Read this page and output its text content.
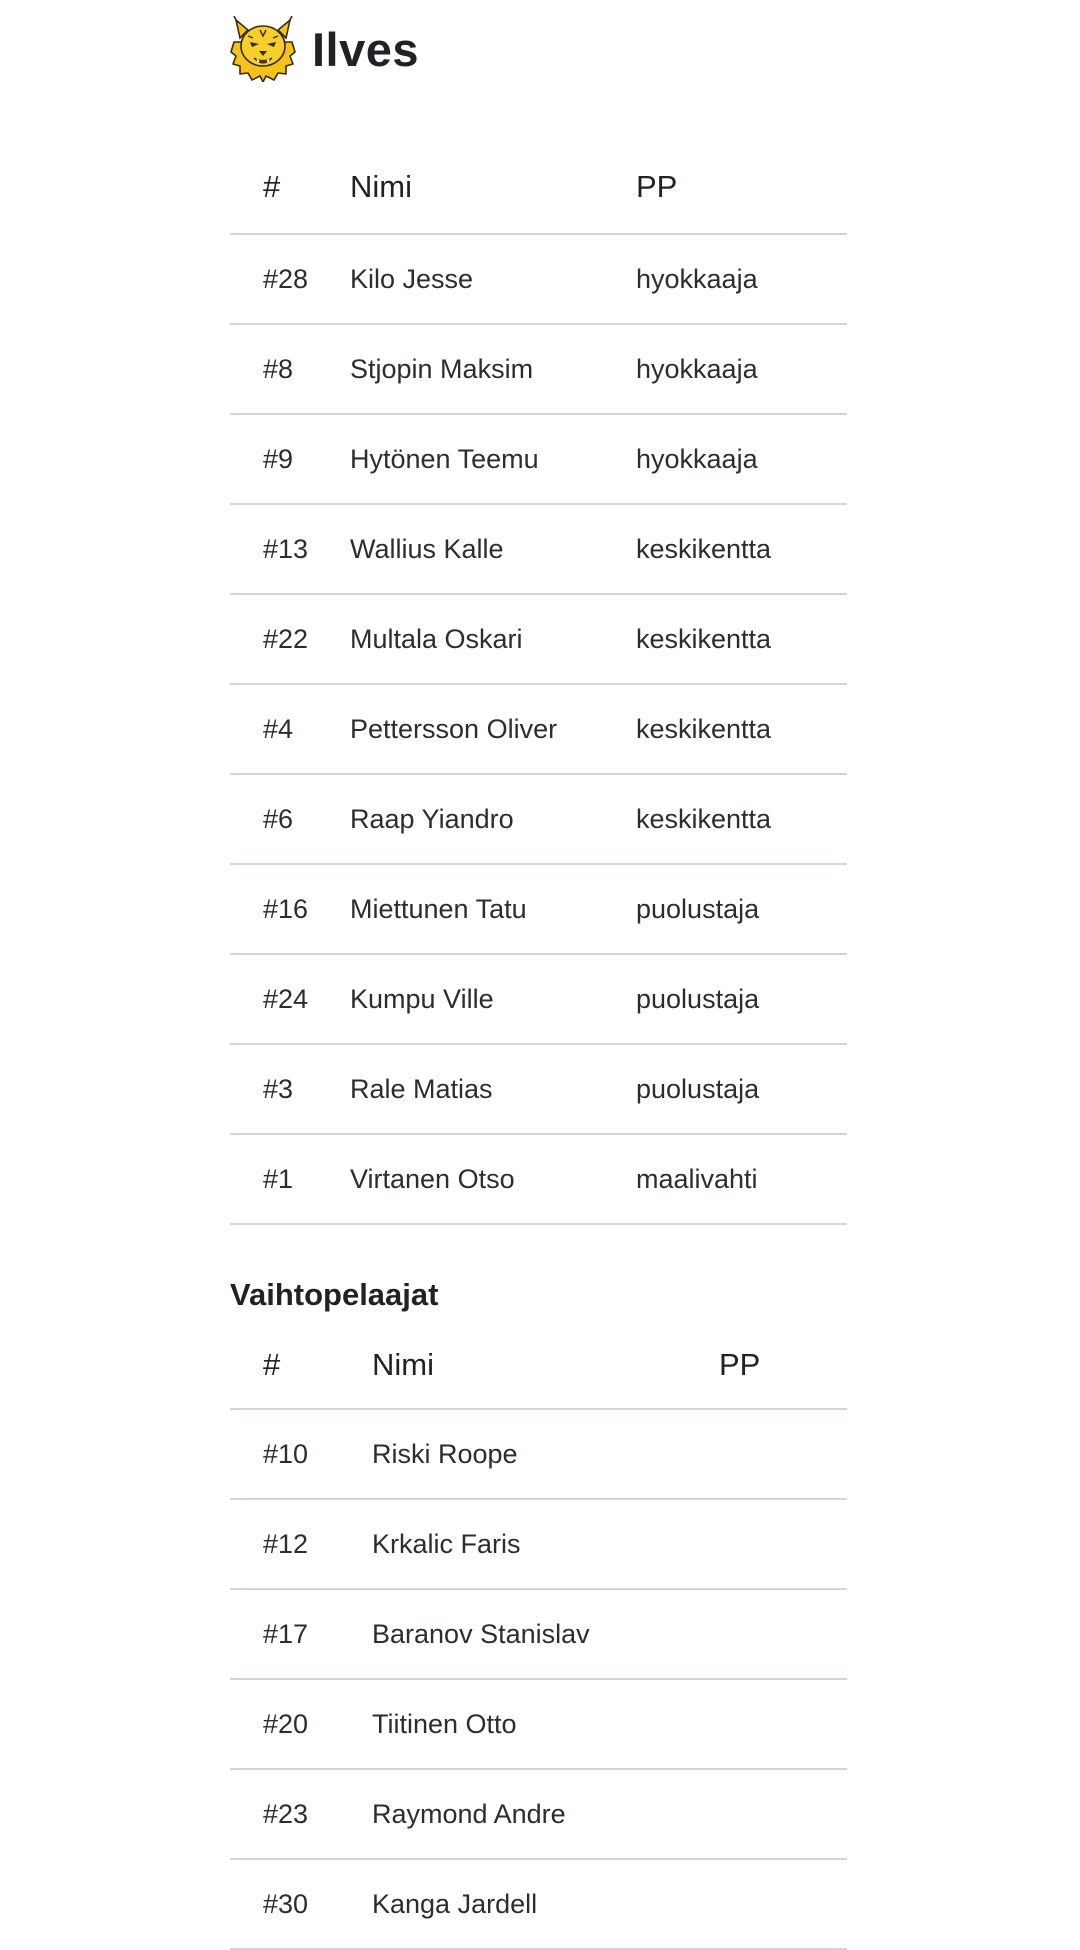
Ilves
#	Nimi	PP
#28	Kilo Jesse	hyokkaaja
#8	Stjopin Maksim	hyokkaaja
#9	Hytönen Teemu	hyokkaaja
#13	Wallius Kalle	keskikentta
#22	Multala Oskari	keskikentta
#4	Pettersson Oliver	keskikentta
#6	Raap Yiandro	keskikentta
#16	Miettunen Tatu	puolustaja
#24	Kumpu Ville	puolustaja
#3	Rale Matias	puolustaja
#1	Virtanen Otso	maalivahti
Vaihtopelaajat
#	Nimi	PP
#10	Riski Roope	
#12	Krkalic Faris	
#17	Baranov Stanislav	
#20	Tiitinen Otto	
#23	Raymond Andre	
#30	Kanga Jardell	
